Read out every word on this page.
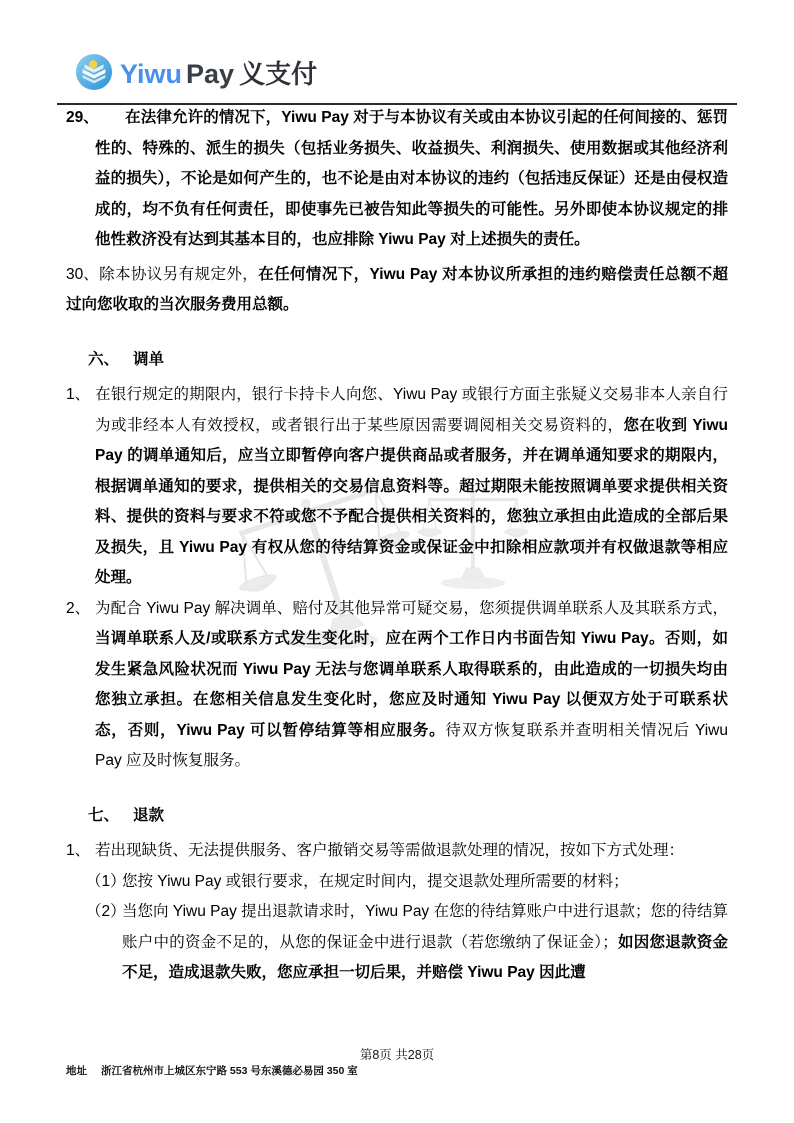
Yiwu Pay 义支付
29、 在法律允许的情况下，Yiwu Pay 对于与本协议有关或由本协议引起的任何间接的、惩罚性的、特殊的、派生的损失（包括业务损失、收益损失、利润损失、使用数据或其他经济利益的损失），不论是如何产生的，也不论是由对本协议的违约（包括违反保证）还是由侵权造成的，均不负有任何责任，即使事先已被告知此等损失的可能性。另外即使本协议规定的排他性救济没有达到其基本目的，也应排除 Yiwu Pay 对上述损失的责任。
30、除本协议另有规定外，在任何情况下，Yiwu Pay 对本协议所承担的违约赔偿责任总额不超过向您收取的当次服务费用总额。
六、 调单
1、 在银行规定的期限内，银行卡持卡人向您、Yiwu Pay 或银行方面主张疑义交易非本人亲自行为或非经本人有效授权，或者银行出于某些原因需要调阅相关交易资料的，您在收到 Yiwu Pay 的调单通知后，应当立即暂停向客户提供商品或者服务，并在调单通知要求的期限内，根据调单通知的要求，提供相关的交易信息资料等。超过期限未能按照调单要求提供相关资料、提供的资料与要求不符或您不予配合提供相关资料的，您独立承担由此造成的全部后果及损失，且 Yiwu Pay 有权从您的待结算资金或保证金中扣除相应款项并有权做退款等相应处理。
2、 为配合 Yiwu Pay 解决调单、赔付及其他异常可疑交易，您须提供调单联系人及其联系方式，当调单联系人及/或联系方式发生变化时，应在两个工作日内书面告知 Yiwu Pay。否则，如发生紧急风险状况而 Yiwu Pay 无法与您调单联系人取得联系的，由此造成的一切损失均由您独立承担。在您相关信息发生变化时，您应及时通知 Yiwu Pay 以便双方处于可联系状态，否则，Yiwu Pay 可以暂停结算等相应服务。待双方恢复联系并查明相关情况后 Yiwu Pay 应及时恢复服务。
七、 退款
1、 若出现缺货、无法提供服务、客户撤销交易等需做退款处理的情况，按如下方式处理：
（1）您按 Yiwu Pay 或银行要求，在规定时间内，提交退款处理所需要的材料；
（2）当您向 Yiwu Pay 提出退款请求时，Yiwu Pay 在您的待结算账户中进行退款；您的待结算账户中的资金不足的，从您的保证金中进行退款（若您缴纳了保证金）；如因您退款资金不足，造成退款失败，您应承担一切后果，并赔偿 Yiwu Pay 因此遭
第8页 共28页
地址 浙江省杭州市上城区东宁路 553 号东溪德必易园 350 室
